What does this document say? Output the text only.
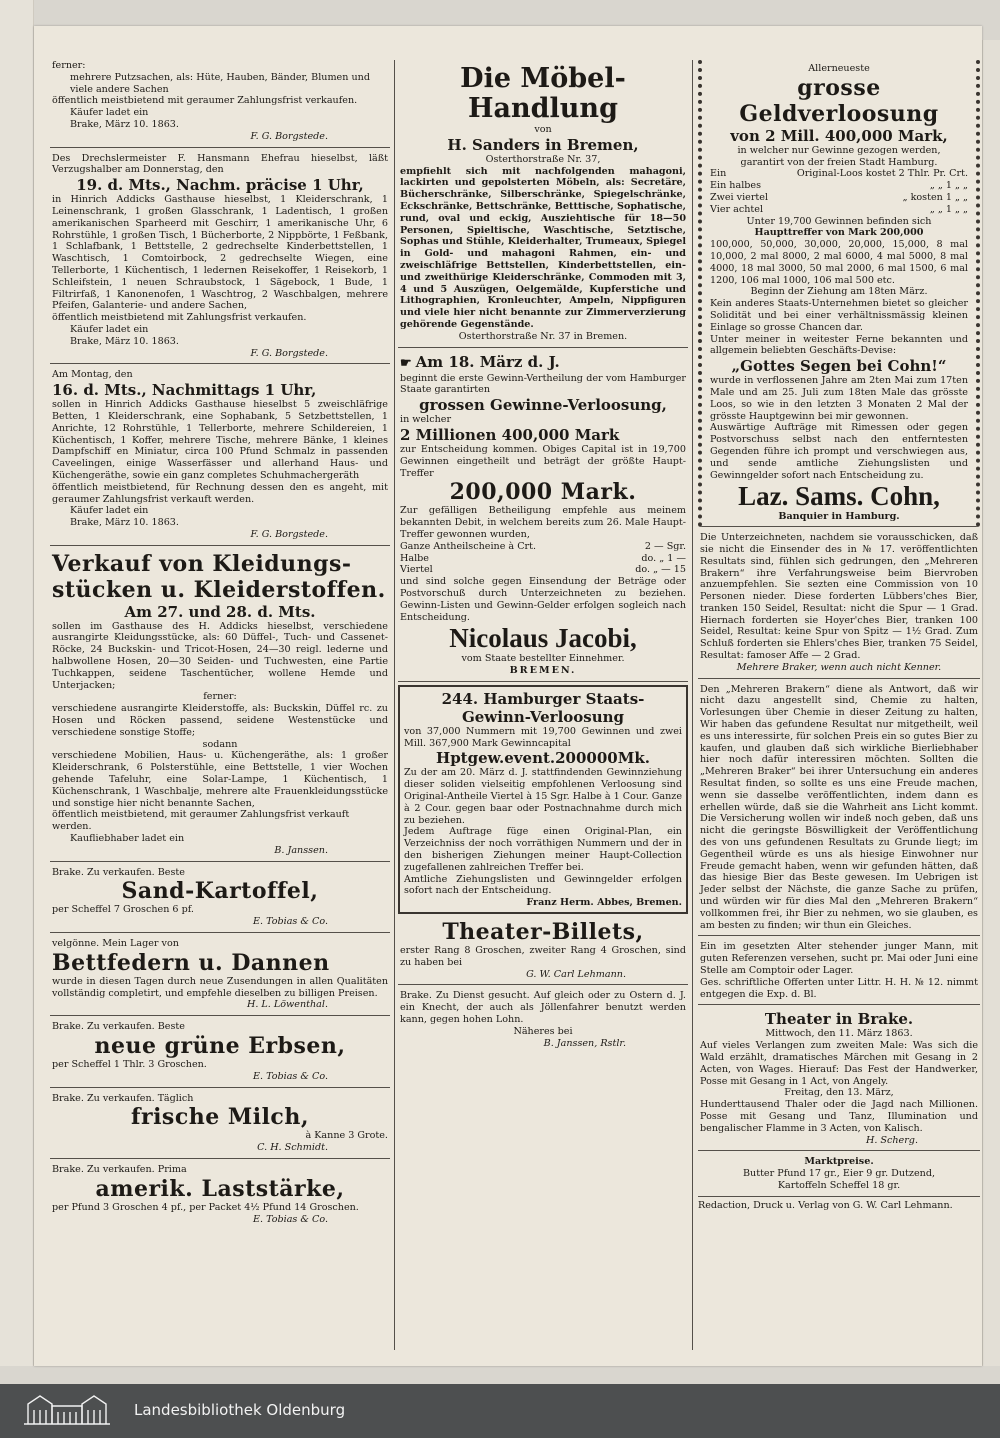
ferner:
mehrere Putzsachen, als: Hüte, Hauben, Bänder, Blumen und viele andere Sachen
öffentlich meistbietend mit geraumer Zahlungsfrist verkaufen.
Käufer ladet ein
Brake, März 10. 1863.
F. G. Borgstede.
Des Drechslermeister F. Hansmann Ehefrau hieselbst, läßt Verzugshalber am Donnerstag, den
19. d. Mts., Nachm. präcise 1 Uhr,
in Hinrich Addicks Gasthause hieselbst, 1 Kleiderschrank, 1 Leinenschrank, 1 großen Glasschrank, 1 Ladentisch, 1 großen amerikanischen Sparheerd mit Geschirr, 1 amerikanische Uhr, 6 Rohrstühle, 1 großen Tisch, 1 Bücherborte, 2 Nippbörte, 1 Feßbank, 1 Schlafbank, 1 Bettstelle, 2 gedrechselte Kinderbettstellen, 1 Waschtisch, 1 Comtoirbock, 2 gedrechselte Wiegen, eine Tellerborte, 1 Küchentisch, 1 ledernen Reisekoffer, 1 Reisekorb, 1 Schleifstein, 1 neuen Schraubstock, 1 Sägebock, 1 Bude, 1 Filtrirfaß, 1 Kanonenofen, 1 Waschtrog, 2 Waschbalgen, mehrere Pfeifen, Galanterie- und andere Sachen,
öffentlich meistbietend mit Zahlungsfrist verkaufen.
Käufer ladet ein
Brake, März 10. 1863.
F. G. Borgstede.
Am Montag, den
16. d. Mts., Nachmittags 1 Uhr,
sollen in Hinrich Addicks Gasthause hieselbst 5 zweischläfrige Betten, 1 Kleiderschrank, eine Sophabank, 5 Setzbettstellen, 1 Anrichte, 12 Rohrstühle, 1 Tellerborte, mehrere Schildereien, 1 Küchentisch, 1 Koffer, mehrere Tische, mehrere Bänke, 1 kleines Dampfschiff en Miniatur, circa 100 Pfund Schmalz in passenden Caveelingen, einige Wasserfässer und allerhand Haus- und Küchengeräthe, sowie ein ganz completes Schuhmachergeräth
öffentlich meistbietend, für Rechnung dessen den es angeht, mit geraumer Zahlungsfrist verkauft werden.
Käufer ladet ein
Brake, März 10. 1863.
F. G. Borgstede.
Verkauf von Kleidungs-
stücken u. Kleiderstoffen.
Am 27. und 28. d. Mts.
sollen im Gasthause des H. Addicks hieselbst, verschiedene ausrangirte Kleidungsstücke, als: 60 Düffel-, Tuch- und Cassenet-Röcke, 24 Buckskin- und Tricot-Hosen, 24—30 reigl. lederne und halbwollene Hosen, 20—30 Seiden- und Tuchwesten, eine Partie Tuchkappen, seidene Taschentücher, wollene Hemde und Unterjacken;
ferner:
verschiedene ausrangirte Kleiderstoffe, als: Buckskin, Düffel rc. zu Hosen und Röcken passend, seidene Westenstücke und verschiedene sonstige Stoffe;
sodann
verschiedene Mobilien, Haus- u. Küchengeräthe, als: 1 großer Kleiderschrank, 6 Polsterstühle, eine Bettstelle, 1 vier Wochen gehende Tafeluhr, eine Solar-Lampe, 1 Küchentisch, 1 Küchenschrank, 1 Waschbalje, mehrere alte Frauenkleidungsstücke und sonstige hier nicht benannte Sachen,
öffentlich meistbietend, mit geraumer Zahlungsfrist verkauft werden.
Kaufliebhaber ladet ein
B. Janssen.
Brake. Zu verkaufen. Beste
Sand-Kartoffel,
per Scheffel 7 Groschen 6 pf.
E. Tobias & Co.
velgönne. Mein Lager von
Bettfedern u. Dannen
wurde in diesen Tagen durch neue Zusendungen in allen Qualitäten vollständig completirt, und empfehle dieselben zu billigen Preisen.
H. L. Löwenthal.
Brake. Zu verkaufen. Beste
neue grüne Erbsen,
per Scheffel 1 Thlr. 3 Groschen.
E. Tobias & Co.
Brake. Zu verkaufen. Täglich
frische Milch,
à Kanne 3 Grote.
C. H. Schmidt.
Brake. Zu verkaufen. Prima
amerik. Laststärke,
per Pfund 3 Groschen 4 pf., per Packet 4½ Pfund 14 Groschen.
E. Tobias & Co.
Die Möbel-Handlung
von
H. Sanders in Bremen,
Osterthorstraße Nr. 37,
empfiehlt sich mit nachfolgenden mahagoni, lackirten und gepolsterten Möbeln, als: Secretäre, Bücherschränke, Silberschränke, Spiegelschränke, Eckschränke, Bettschränke, Betttische, Sophatische, rund, oval und eckig, Ausziehtische für 18—50 Personen, Spieltische, Waschtische, Setztische, Sophas und Stühle, Kleiderhalter, Trumeaux, Spiegel in Gold- und mahagoni Rahmen, ein- und zweischläfrige Bettstellen, Kinderbettstellen, ein- und zweithürige Kleiderschränke, Commoden mit 3, 4 und 5 Auszügen, Oelgemälde, Kupferstiche und Lithographien, Kronleuchter, Ampeln, Nippfiguren und viele hier nicht benannte zur Zimmerverzierung gehörende Gegenstände.
Osterthorstraße Nr. 37 in Bremen.
☛ Am 18. März d. J.
beginnt die erste Gewinn-Vertheilung der vom Hamburger Staate garantirten
grossen Gewinne-Verloosung,
in welcher
2 Millionen 400,000 Mark
zur Entscheidung kommen. Obiges Capital ist in 19,700 Gewinnen eingetheilt und beträgt der größte Haupt-Treffer
200,000 Mark.
Zur gefälligen Betheiligung empfehle aus meinem bekannten Debit, in welchem bereits zum 26. Male Haupt-Treffer gewonnen wurden,
Ganze Antheilscheine à Crt.	2 — Sgr.
Halbe	do. „ 1 —
Viertel	do. „ — 15
und sind solche gegen Einsendung der Beträge oder Postvorschuß durch Unterzeichneten zu beziehen. Gewinn-Listen und Gewinn-Gelder erfolgen sogleich nach Entscheidung.
Nicolaus Jacobi,
vom Staate bestellter Einnehmer.
BREMEN.
244. Hamburger Staats-
Gewinn-Verloosung
von 37,000 Nummern mit 19,700 Gewinnen und zwei Mill. 367,900 Mark Gewinncapital
Hptgew.event.200000Mk.
Zu der am 20. März d. J. stattfindenden Gewinnziehung dieser soliden vielseitig empfohlenen Verloosung sind Original-Antheile Viertel à 15 Sgr. Halbe à 1 Cour. Ganze à 2 Cour. gegen baar oder Postnachnahme durch mich zu beziehen.
Jedem Auftrage füge einen Original-Plan, ein Verzeichniss der noch vorräthigen Nummern und der in den bisherigen Ziehungen meiner Haupt-Collection zugefallenen zahlreichen Treffer bei.
Amtliche Ziehungslisten und Gewinngelder erfolgen sofort nach der Entscheidung.
Franz Herm. Abbes, Bremen.
Theater-Billets,
erster Rang 8 Groschen, zweiter Rang 4 Groschen, sind zu haben bei
G. W. Carl Lehmann.
Brake. Zu Dienst gesucht. Auf gleich oder zu Ostern d. J. ein Knecht, der auch als Jöllenfahrer benutzt werden kann, gegen hohen Lohn.
Näheres bei
B. Janssen, Rstlr.
Allerneueste
grosse Geldverloosung
von 2 Mill. 400,000 Mark,
in welcher nur Gewinne gezogen werden,
garantirt von der freien Stadt Hamburg.
Ein	Original-Loos kostet 2 Thlr. Pr. Crt.
Ein halbes	„ „ 1 „ „
Zwei viertel	„ kosten 1 „ „
Vier achtel	„ „ 1 „ „
Unter 19,700 Gewinnen befinden sich
Haupttreffer von Mark 200,000
100,000, 50,000, 30,000, 20,000, 15,000, 8 mal 10,000, 2 mal 8000, 2 mal 6000, 4 mal 5000, 8 mal 4000, 18 mal 3000, 50 mal 2000, 6 mal 1500, 6 mal 1200, 106 mal 1000, 106 mal 500 etc.
Beginn der Ziehung am 18ten März.
Kein anderes Staats-Unternehmen bietet so gleicher Solidität und bei einer verhältnissmässig kleinen Einlage so grosse Chancen dar.
Unter meiner in weitester Ferne bekannten und allgemein beliebten Geschäfts-Devise:
„Gottes Segen bei Cohn!“
wurde in verflossenen Jahre am 2ten Mai zum 17ten Male und am 25. Juli zum 18ten Male das grösste Loos, so wie in den letzten 3 Monaten 2 Mal der grösste Hauptgewinn bei mir gewonnen.
Auswärtige Aufträge mit Rimessen oder gegen Postvorschuss selbst nach den entferntesten Gegenden führe ich prompt und verschwiegen aus, und sende amtliche Ziehungslisten und Gewinngelder sofort nach Entscheidung zu.
Laz. Sams. Cohn,
Banquier in Hamburg.
Die Unterzeichneten, nachdem sie vorausschicken, daß sie nicht die Einsender des in № 17. veröffentlichten Resultats sind, fühlen sich gedrungen, den „Mehreren Brakern“ ihre Verfahrungsweise beim Biervroben anzuempfehlen. Sie sezten eine Commission von 10 Personen nieder. Diese forderten Lübbers'ches Bier, tranken 150 Seidel, Resultat: nicht die Spur — 1 Grad. Hiernach forderten sie Hoyer'ches Bier, tranken 100 Seidel, Resultat: keine Spur von Spitz — 1½ Grad. Zum Schluß forderten sie Ehlers'ches Bier, tranken 75 Seidel, Resultat: famoser Affe — 2 Grad.
Mehrere Braker, wenn auch nicht Kenner.
Den „Mehreren Brakern“ diene als Antwort, daß wir nicht dazu angestellt sind, Chemie zu halten, Vorlesungen über Chemie in dieser Zeitung zu halten, Wir haben das gefundene Resultat nur mitgetheilt, weil es uns interessirte, für solchen Preis ein so gutes Bier zu kaufen, und glauben daß sich wirkliche Bierliebhaber hier noch dafür interessiren möchten. Sollten die „Mehreren Braker“ bei ihrer Untersuchung ein anderes Resultat finden, so sollte es uns eine Freude machen, wenn sie dasselbe veröffentlichten, indem dann es erhellen würde, daß sie die Wahrheit ans Licht kommt. Die Versicherung wollen wir indeß noch geben, daß uns nicht die geringste Böswilligkeit der Veröffentlichung des von uns gefundenen Resultats zu Grunde liegt; im Gegentheil würde es uns als hiesige Einwohner nur Freude gemacht haben, wenn wir gefunden hätten, daß das hiesige Bier das Beste gewesen. Im Uebrigen ist Jeder selbst der Nächste, die ganze Sache zu prüfen, und würden wir für dies Mal den „Mehreren Brakern“ vollkommen frei, ihr Bier zu nehmen, wo sie glauben, es am besten zu finden; wir thun ein Gleiches.
Ein im gesetzten Alter stehender junger Mann, mit guten Referenzen versehen, sucht pr. Mai oder Juni eine Stelle am Comptoir oder Lager.
Ges. schriftliche Offerten unter Littr. H. H. № 12. nimmt entgegen die Exp. d. Bl.
Theater in Brake.
Mittwoch, den 11. März 1863.
Auf vieles Verlangen zum zweiten Male: Was sich die Wald erzählt, dramatisches Märchen mit Gesang in 2 Acten, von Wages. Hierauf: Das Fest der Handwerker, Posse mit Gesang in 1 Act, von Angely.
Freitag, den 13. März,
Hunderttausend Thaler oder die Jagd nach Millionen. Posse mit Gesang und Tanz, Illumination und bengalischer Flamme in 3 Acten, von Kalisch.
H. Scherg.
Marktpreise.
Butter Pfund 17 gr., Eier 9 gr. Dutzend,
Kartoffeln Scheffel 18 gr.
Redaction, Druck u. Verlag von G. W. Carl Lehmann.
Landesbibliothek Oldenburg
